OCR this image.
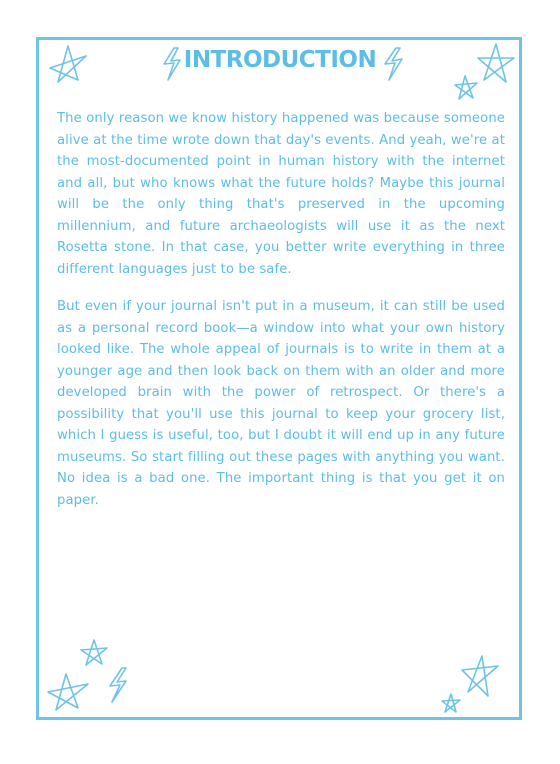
INTRODUCTION

The only reason we know history happened was because someone alive at the time wrote down that day's events. And yeah, we're at the most-documented point in human history with the internet and all, but who knows what the future holds? Maybe this journal will be the only thing that's preserved in the upcoming millennium, and future archaeologists will use it as the next Rosetta stone. In that case, you better write everything in three different languages just to be safe.

But even if your journal isn't put in a museum, it can still be used as a personal record book—a window into what your own history looked like. The whole appeal of journals is to write in them at a younger age and then look back on them with an older and more developed brain with the power of retrospect. Or there's a possibility that you'll use this journal to keep your grocery list, which I guess is useful, too, but I doubt it will end up in any future museums. So start filling out these pages with anything you want. No idea is a bad one. The important thing is that you get it on paper.
